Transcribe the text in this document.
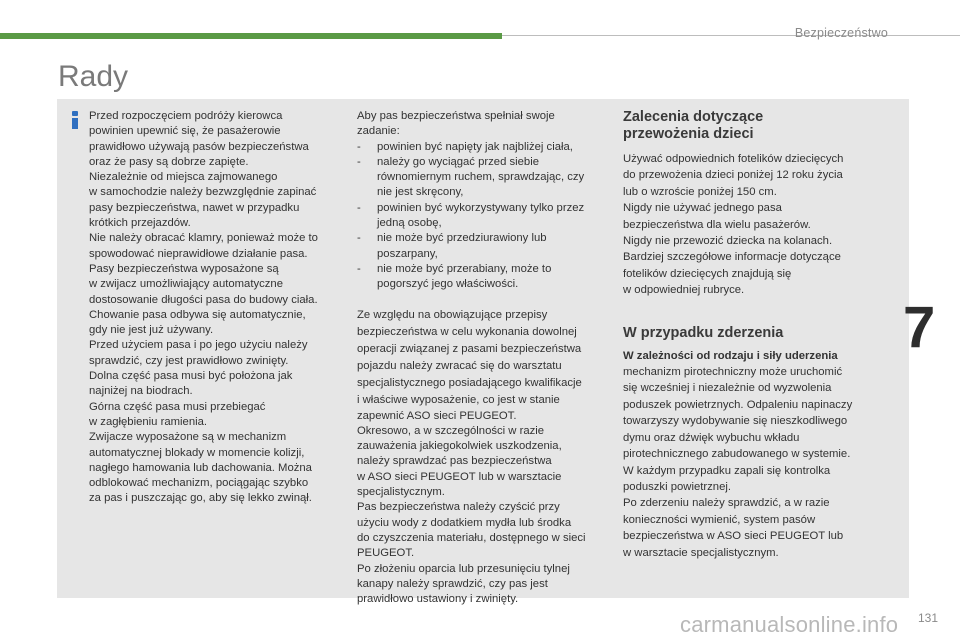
Bezpieczeństwo
Rady
Przed rozpoczęciem podróży kierowca
powinien upewnić się, że pasażerowie
prawidłowo używają pasów bezpieczeństwa
oraz że pasy są dobrze zapięte.
Niezależnie od miejsca zajmowanego
w samochodzie należy bezwzględnie zapinać
pasy bezpieczeństwa, nawet w przypadku
krótkich przejazdów.
Nie należy obracać klamry, ponieważ może to
spowodować nieprawidłowe działanie pasa.
Pasy bezpieczeństwa wyposażone są
w zwijacz umożliwiający automatyczne
dostosowanie długości pasa do budowy ciała.
Chowanie pasa odbywa się automatycznie,
gdy nie jest już używany.
Przed użyciem pasa i po jego użyciu należy
sprawdzić, czy jest prawidłowo zwinięty.
Dolna część pasa musi być położona jak
najniżej na biodrach.
Górna część pasa musi przebiegać
w zagłębieniu ramienia.
Zwijacze wyposażone są w mechanizm
automatycznej blokady w momencie kolizji,
nagłego hamowania lub dachowania. Można
odblokować mechanizm, pociągając szybko
za pas i puszczając go, aby się lekko zwinął.
Aby pas bezpieczeństwa spełniał swoje
zadanie:
-	powinien być napięty jak najbliżej ciała,
-	należy go wyciągać przed siebie
równomiernym ruchem, sprawdzając, czy
nie jest skręcony,
-	powinien być wykorzystywany tylko przez
jedną osobę,
-	nie może być przedziurawiony lub
poszarpany,
-	nie może być przerabiany, może to
pogorszyć jego właściwości.
Ze względu na obowiązujące przepisy
bezpieczeństwa w celu wykonania dowolnej
operacji związanej z pasami bezpieczeństwa
pojazdu należy zwracać się do warsztatu
specjalistycznego posiadającego kwalifikacje
i właściwe wyposażenie, co jest w stanie
zapewnić ASO sieci PEUGEOT.
Okresowo, a w szczególności w razie
zauważenia jakiegokolwiek uszkodzenia,
należy sprawdzać pas bezpieczeństwa
w ASO sieci PEUGEOT lub w warsztacie
specjalistycznym.
Pas bezpieczeństwa należy czyścić przy
użyciu wody z dodatkiem mydła lub środka
do czyszczenia materiału, dostępnego w sieci
PEUGEOT.
Po złożeniu oparcia lub przesunięciu tylnej
kanapy należy sprawdzić, czy pas jest
prawidłowo ustawiony i zwinięty.
Zalecenia dotyczące
przewożenia dzieci
Używać odpowiednich fotelików dziecięcych
do przewożenia dzieci poniżej 12 roku życia
lub o wzroście poniżej 150 cm.
Nigdy nie używać jednego pasa
bezpieczeństwa dla wielu pasażerów.
Nigdy nie przewozić dziecka na kolanach.
Bardziej szczegółowe informacje dotyczące
fotelików dziecięcych znajdują się
w odpowiedniej rubryce.
W przypadku zderzenia
W zależności od rodzaju i siły uderzenia
mechanizm pirotechniczny może uruchomić
się wcześniej i niezależnie od wyzwolenia
poduszek powietrznych. Odpaleniu napinaczy
towarzyszy wydobywanie się nieszkodliwego
dymu oraz dźwięk wybuchu wkładu
pirotechnicznego zabudowanego w systemie.
W każdym przypadku zapali się kontrolka
poduszki powietrznej.
Po zderzeniu należy sprawdzić, a w razie
konieczności wymienić, system pasów
bezpieczeństwa w ASO sieci PEUGEOT lub
w warsztacie specjalistycznym.
7
131
carmanualsonline.info
